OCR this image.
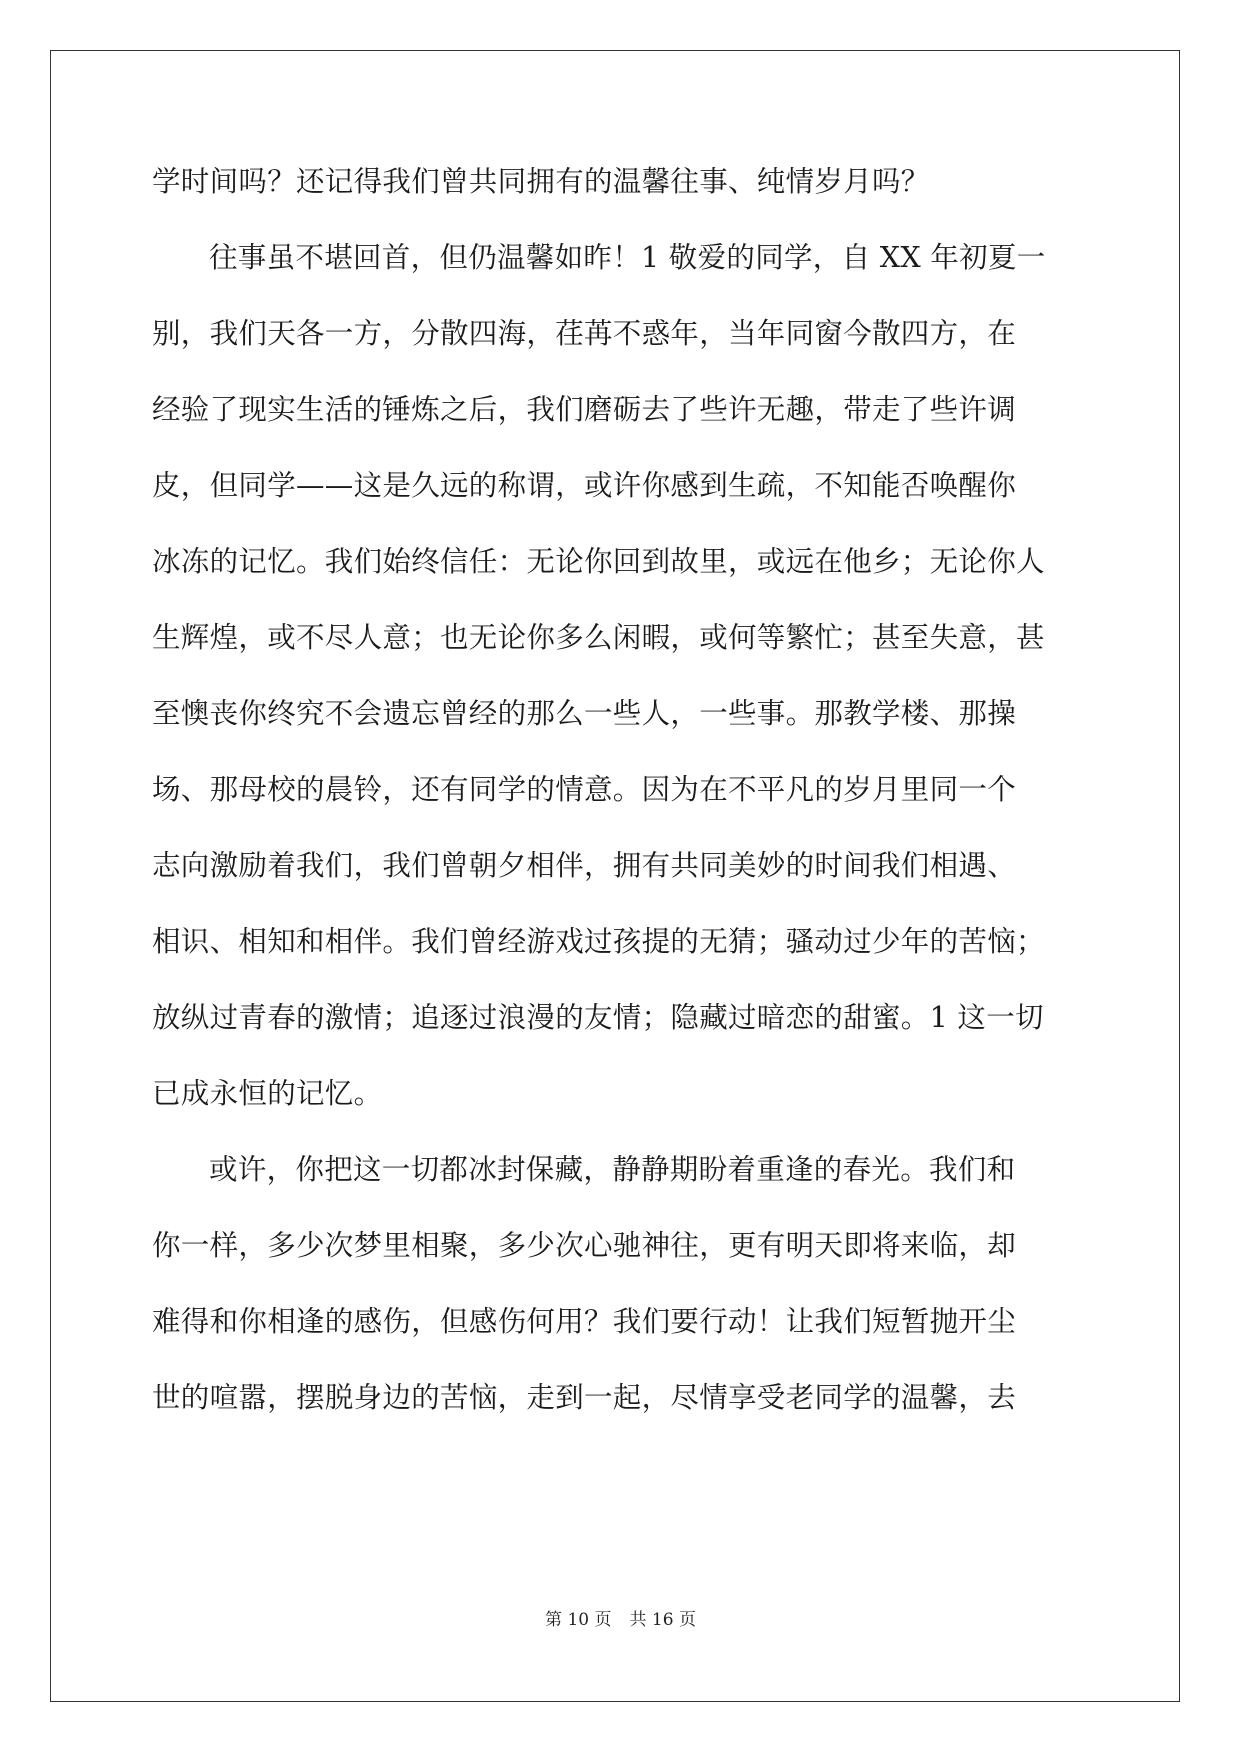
学时间吗？还记得我们曾共同拥有的温馨往事、纯情岁月吗？
往事虽不堪回首，但仍温馨如昨！1 敬爱的同学，自 XX 年初夏一
别，我们天各一方，分散四海，荏苒不惑年，当年同窗今散四方，在
经验了现实生活的锤炼之后，我们磨砺去了些许无趣，带走了些许调
皮，但同学——这是久远的称谓，或许你感到生疏，不知能否唤醒你
冰冻的记忆。我们始终信任：无论你回到故里，或远在他乡；无论你人
生辉煌，或不尽人意；也无论你多么闲暇，或何等繁忙；甚至失意，甚
至懊丧你终究不会遗忘曾经的那么一些人，一些事。那教学楼、那操
场、那母校的晨铃，还有同学的情意。因为在不平凡的岁月里同一个
志向激励着我们，我们曾朝夕相伴，拥有共同美妙的时间我们相遇、
相识、相知和相伴。我们曾经游戏过孩提的无猜；骚动过少年的苦恼；
放纵过青春的激情；追逐过浪漫的友情；隐藏过暗恋的甜蜜。1 这一切
已成永恒的记忆。
或许，你把这一切都冰封保藏，静静期盼着重逢的春光。我们和
你一样，多少次梦里相聚，多少次心驰神往，更有明天即将来临，却
难得和你相逢的感伤，但感伤何用？我们要行动！让我们短暂抛开尘
世的喧嚣，摆脱身边的苦恼，走到一起，尽情享受老同学的温馨，去
第 10 页 共 16 页
